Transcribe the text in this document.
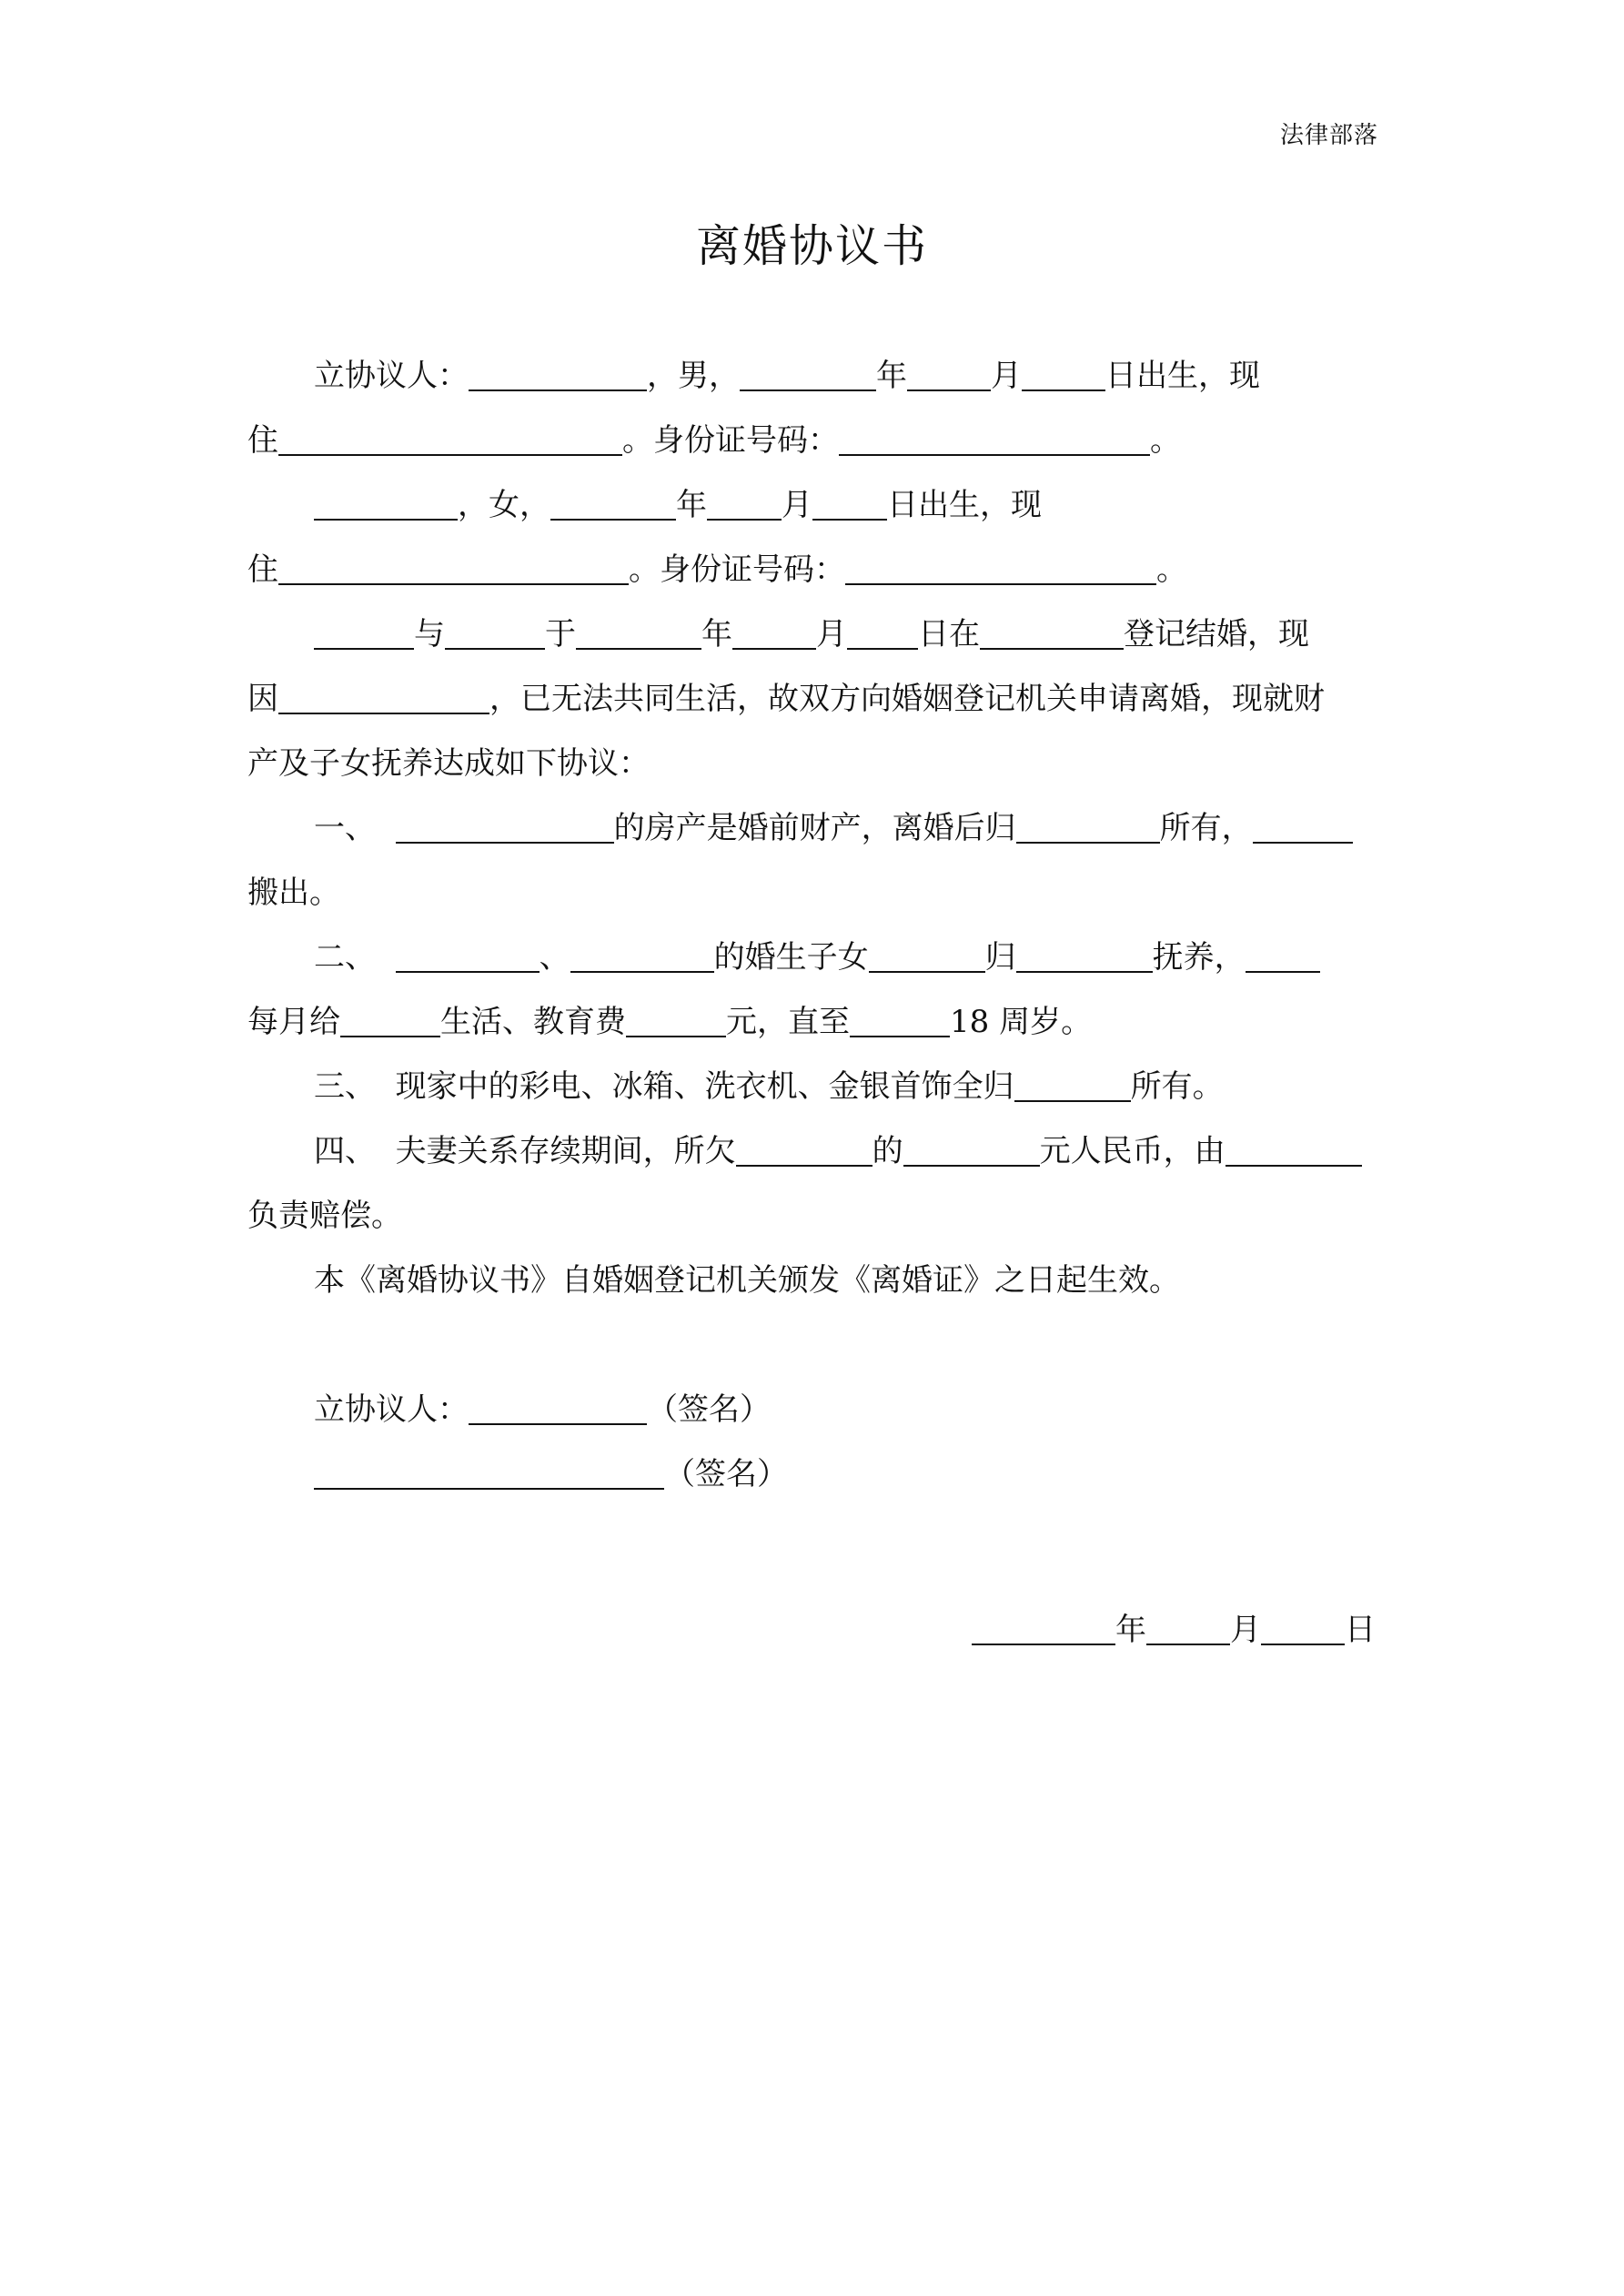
法律部落
离婚协议书
立协议人：	，男，	年	月	日出生，现
住	。身份证号码：	。
，女，	年 月 日出生，现
住	。身份证号码：	。
与	于	年	月 日在	登记结婚，现
因	，已无法共同生活，故双方向婚姻登记机关申请离婚，现就财
产及子女抚养达成如下协议：
一、	的房产是婚前财产，离婚后归	所有，
搬出。
二、	、	的婚生子女	归	抚养，
每月给	生活、教育费	元，直至	18 周岁。
三、 现家中的彩电、冰箱、洗衣机、金银首饰全归	所有。
四、 夫妻关系存续期间，所欠	的	元人民币，由
负责赔偿。
本《离婚协议书》自婚姻登记机关颁发《离婚证》之日起生效。
立协议人：	（签名）
（签名）
年	月	日
